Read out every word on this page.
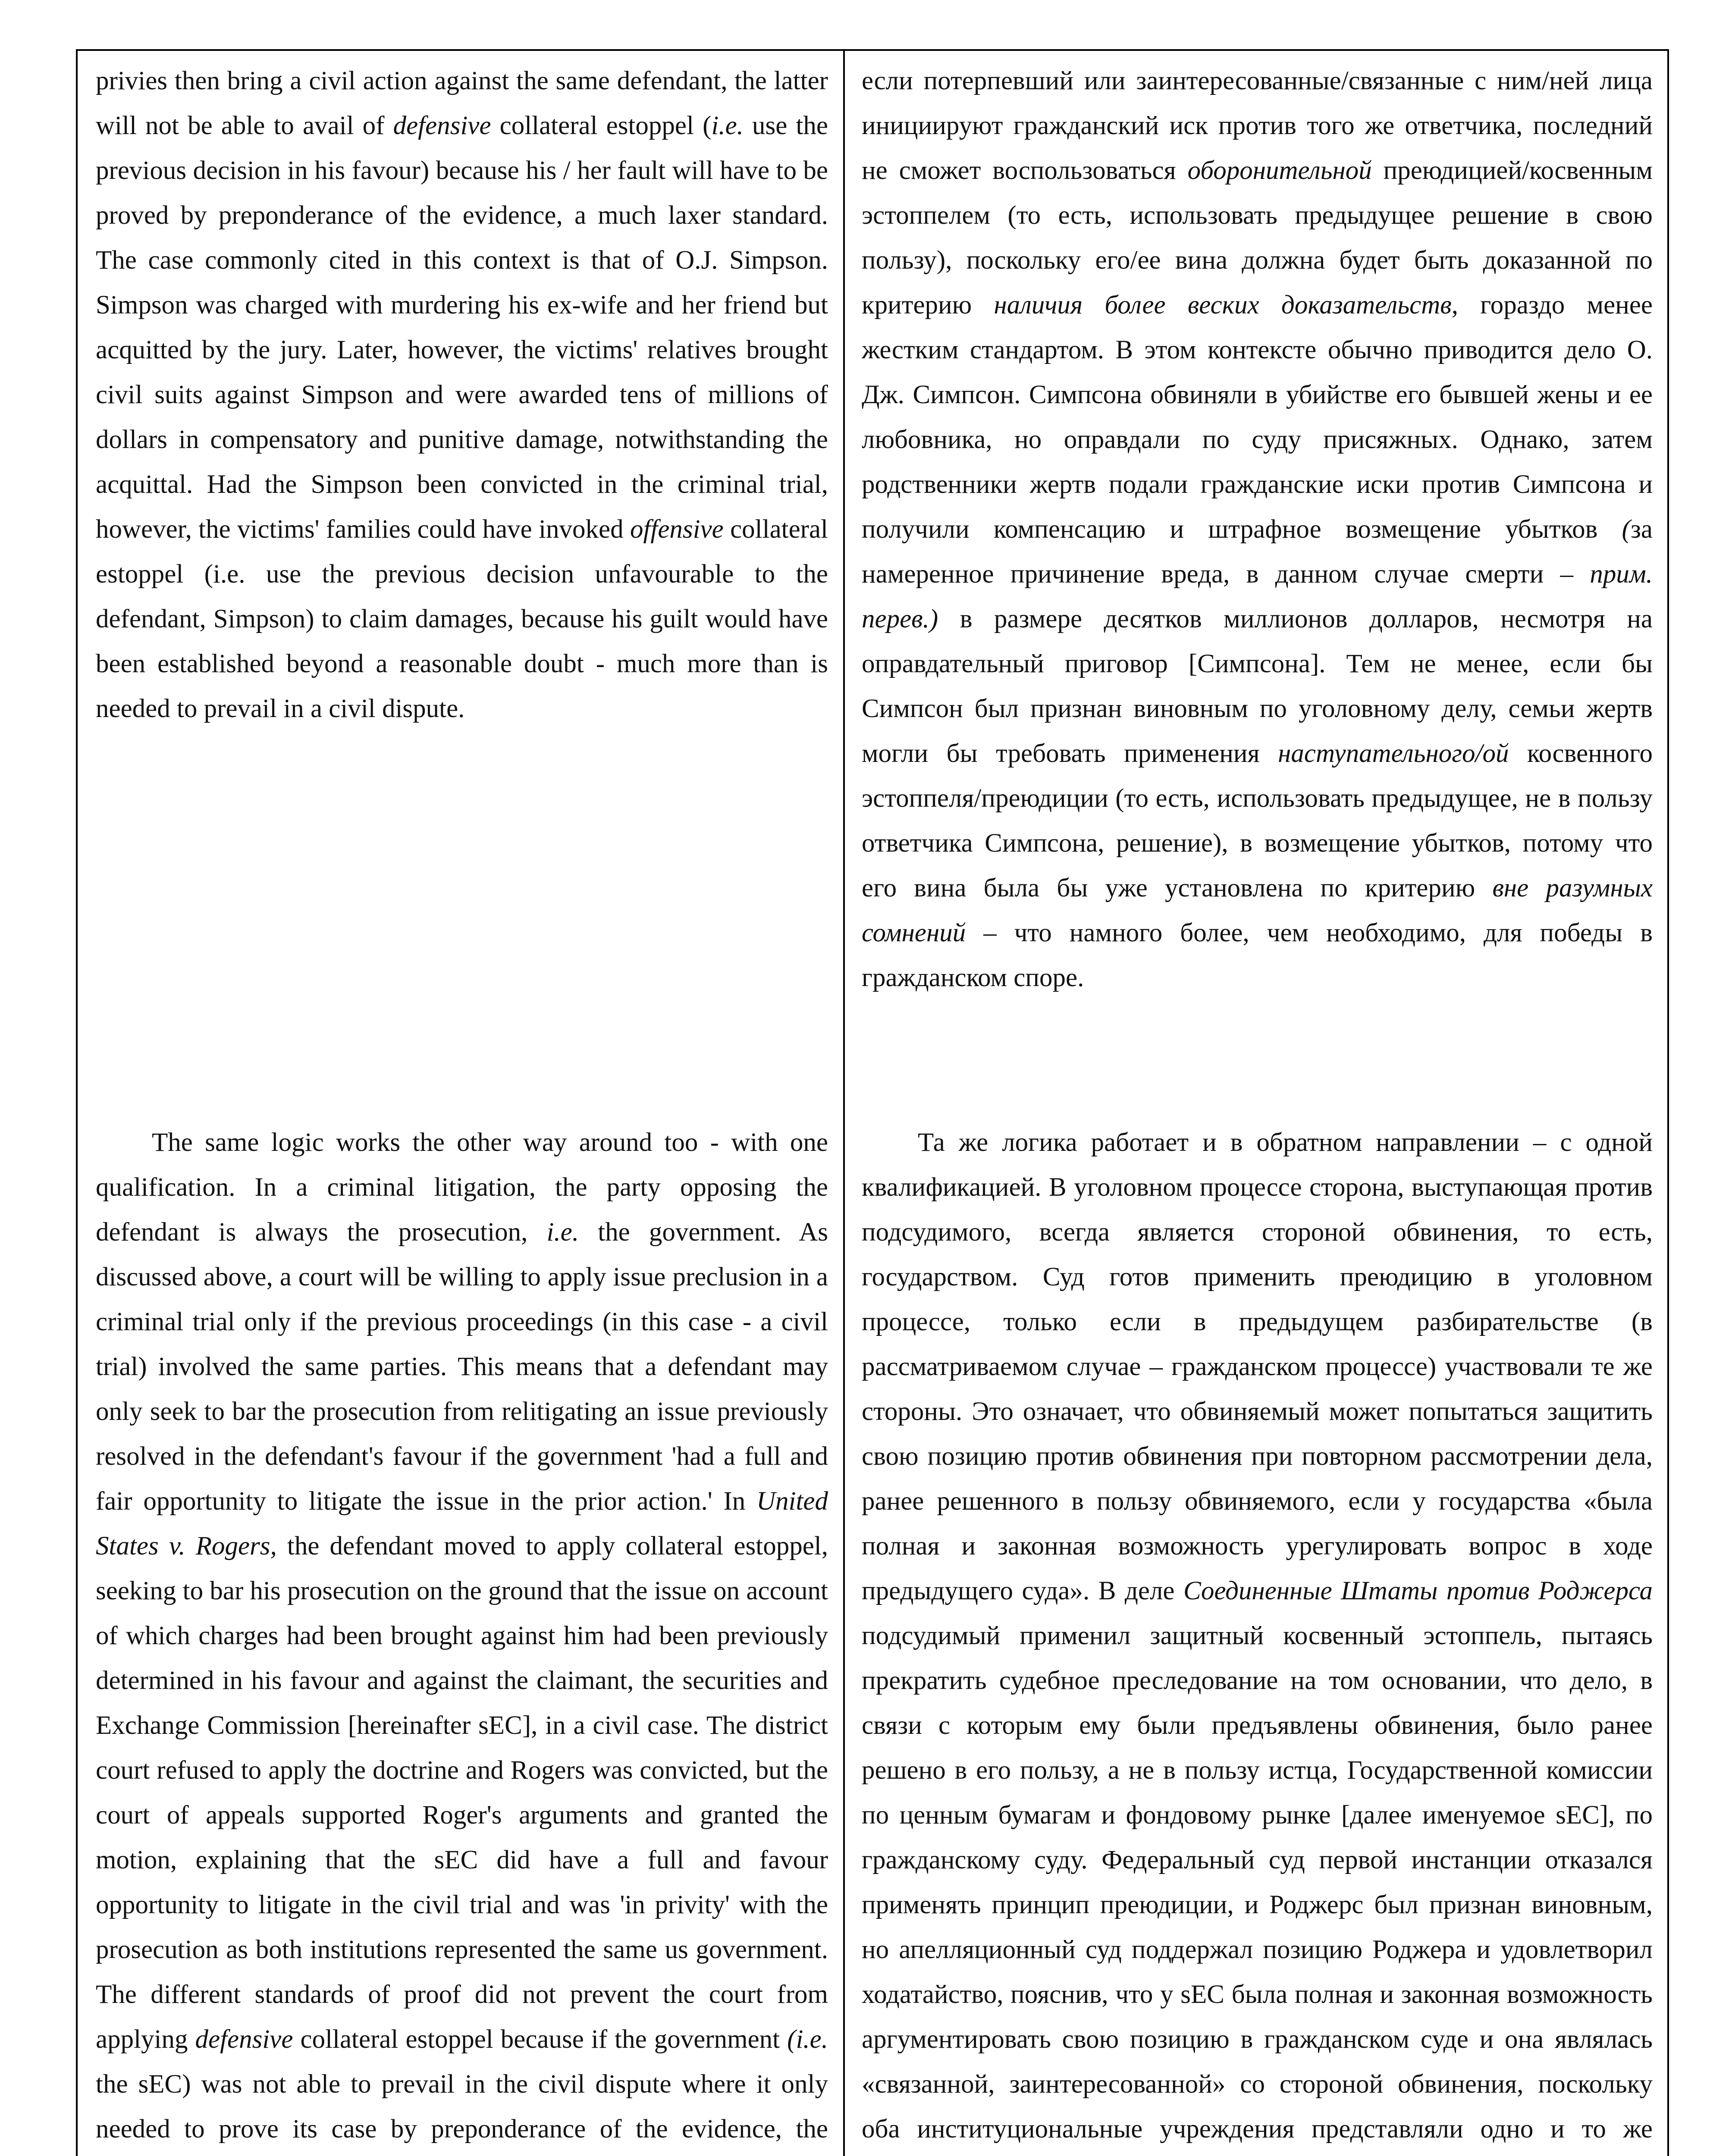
privies then bring a civil action against the same defendant, the latter will not be able to avail of defensive collateral estoppel (i.e. use the previous decision in his favour) because his / her fault will have to be proved by preponderance of the evidence, a much laxer standard. The case commonly cited in this context is that of O.J. Simpson. Simpson was charged with murdering his ex-wife and her friend but acquitted by the jury. Later, however, the victims' relatives brought civil suits against Simpson and were awarded tens of millions of dollars in compensatory and punitive damage, notwithstanding the acquittal. Had the Simpson been convicted in the criminal trial, however, the victims' families could have invoked offensive collateral estoppel (i.e. use the previous decision unfavourable to the defendant, Simpson) to claim damages, because his guilt would have been established beyond a reasonable doubt - much more than is needed to prevail in a civil dispute.

если потерпевший или заинтересованные/связанные с ним/ней лица инициируют гражданский иск против того же ответчика, последний не сможет воспользоваться оборонительной преюдицией/косвенным эстоппелем (то есть, использовать предыдущее решение в свою пользу), поскольку его/ее вина должна будет быть доказанной по критерию наличия более веских доказательств, гораздо менее жестким стандартом. В этом контексте обычно приводится дело О. Дж. Симпсон. Симпсона обвиняли в убийстве его бывшей жены и ее любовника, но оправдали по суду присяжных. Однако, затем родственники жертв подали гражданские иски против Симпсона и получили компенсацию и штрафное возмещение убытков (за намеренное причинение вреда, в данном случае смерти – прим. перев.) в размере десятков миллионов долларов, несмотря на оправдательный приговор [Симпсона]. Тем не менее, если бы Симпсон был признан виновным по уголовному делу, семьи жертв могли бы требовать применения наступательного/ой косвенного эстоппеля/преюдиции (то есть, использовать предыдущее, не в пользу ответчика Симпсона, решение), в возмещение убытков, потому что его вина была бы уже установлена по критерию вне разумных сомнений – что намного более, чем необходимо, для победы в гражданском споре.

The same logic works the other way around too - with one qualification. In a criminal litigation, the party opposing the defendant is always the prosecution, i.e. the government. As discussed above, a court will be willing to apply issue preclusion in a criminal trial only if the previous proceedings (in this case - a civil trial) involved the same parties. This means that a defendant may only seek to bar the prosecution from relitigating an issue previously resolved in the defendant's favour if the government 'had a full and fair opportunity to litigate the issue in the prior action.' In United States v. Rogers, the defendant moved to apply collateral estoppel, seeking to bar his prosecution on the ground that the issue on account of which charges had been brought against him had been previously determined in his favour and against the claimant, the securities and Exchange Commission [hereinafter sEC], in a civil case. The district court refused to apply the doctrine and Rogers was convicted, but the court of appeals supported Roger's arguments and granted the motion, explaining that the sEC did have a full and favour opportunity to litigate in the civil trial and was 'in privity' with the prosecution as both institutions represented the same us government. The different standards of proof did not prevent the court from applying defensive collateral estoppel because if the government (i.e. the sEC) was not able to prevail in the civil dispute where it only needed to prove its case by preponderance of the evidence, the

Та же логика работает и в обратном направлении – с одной квалификацией. В уголовном процессе сторона, выступающая против подсудимого, всегда является стороной обвинения, то есть, государством. Суд готов применить преюдицию в уголовном процессе, только если в предыдущем разбирательстве (в рассматриваемом случае – гражданском процессе) участвовали те же стороны. Это означает, что обвиняемый может попытаться защитить свою позицию против обвинения при повторном рассмотрении дела, ранее решенного в пользу обвиняемого, если у государства «была полная и законная возможность урегулировать вопрос в ходе предыдущего суда». В деле Соединенные Штаты против Роджерса подсудимый применил защитный косвенный эстоппель, пытаясь прекратить судебное преследование на том основании, что дело, в связи с которым ему были предъявлены обвинения, было ранее решено в его пользу, а не в пользу истца, Государственной комиссии по ценным бумагам и фондовому рынке [далее именуемое sEC], по гражданскому суду. Федеральный суд первой инстанции отказался применять принцип преюдиции, и Роджерс был признан виновным, но апелляционный суд поддержал позицию Роджера и удовлетворил ходатайство, пояснив, что у sEC была полная и законная возможность аргументировать свою позицию в гражданском суде и она являлась «связанной, заинтересованной» со стороной обвинения, поскольку оба институциональные учреждения представляли одно и то же
